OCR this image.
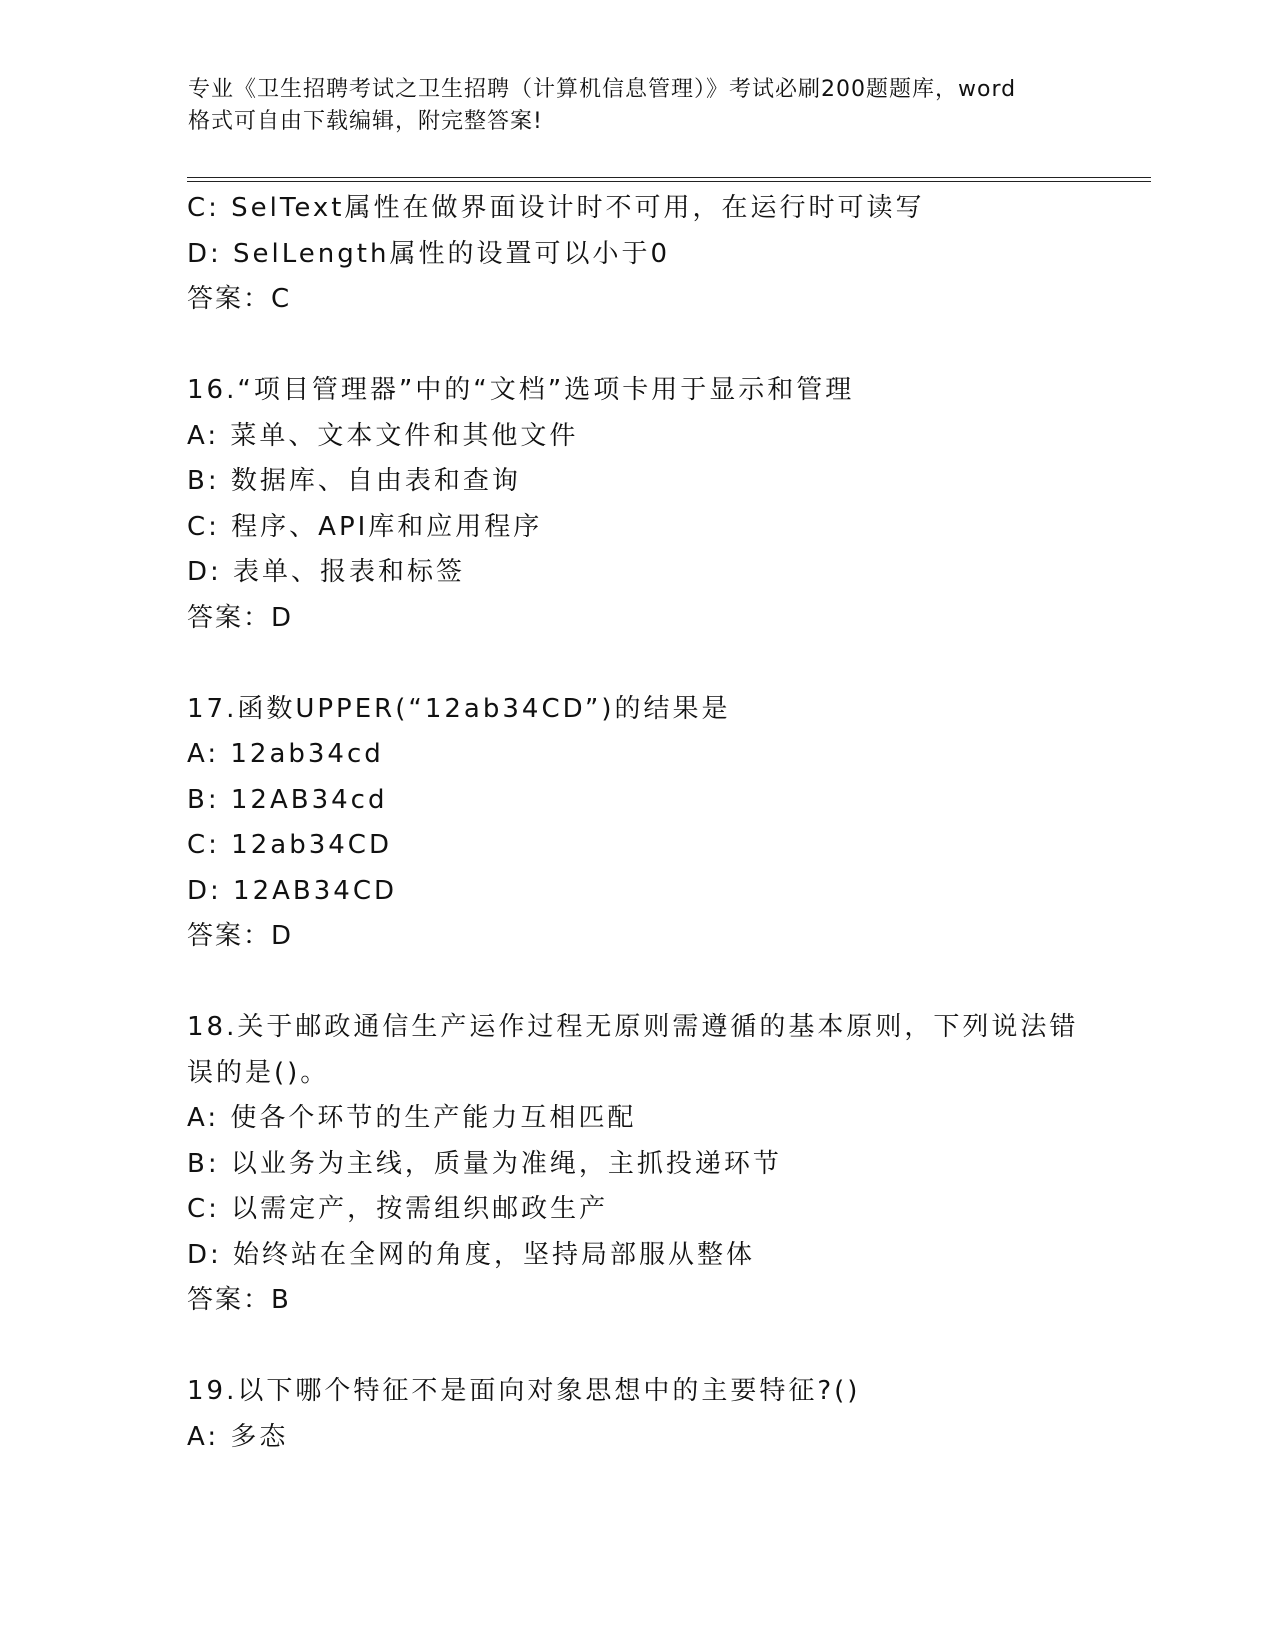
专业《卫生招聘考试之卫生招聘（计算机信息管理）》考试必刷200题题库，word
格式可自由下载编辑，附完整答案!
C: SelText属性在做界面设计时不可用，在运行时可读写
D: SelLength属性的设置可以小于0
答案：C
16.“项目管理器”中的“文档”选项卡用于显示和管理
A: 菜单、文本文件和其他文件
B: 数据库、自由表和查询
C: 程序、API库和应用程序
D: 表单、报表和标签
答案：D
17.函数UPPER(“12ab34CD”)的结果是
A: 12ab34cd
B: 12AB34cd
C: 12ab34CD
D: 12AB34CD
答案：D
18.关于邮政通信生产运作过程无原则需遵循的基本原则，下列说法错
误的是()。
A: 使各个环节的生产能力互相匹配
B: 以业务为主线，质量为准绳，主抓投递环节
C: 以需定产，按需组织邮政生产
D: 始终站在全网的角度，坚持局部服从整体
答案：B
19.以下哪个特征不是面向对象思想中的主要特征?()
A: 多态
